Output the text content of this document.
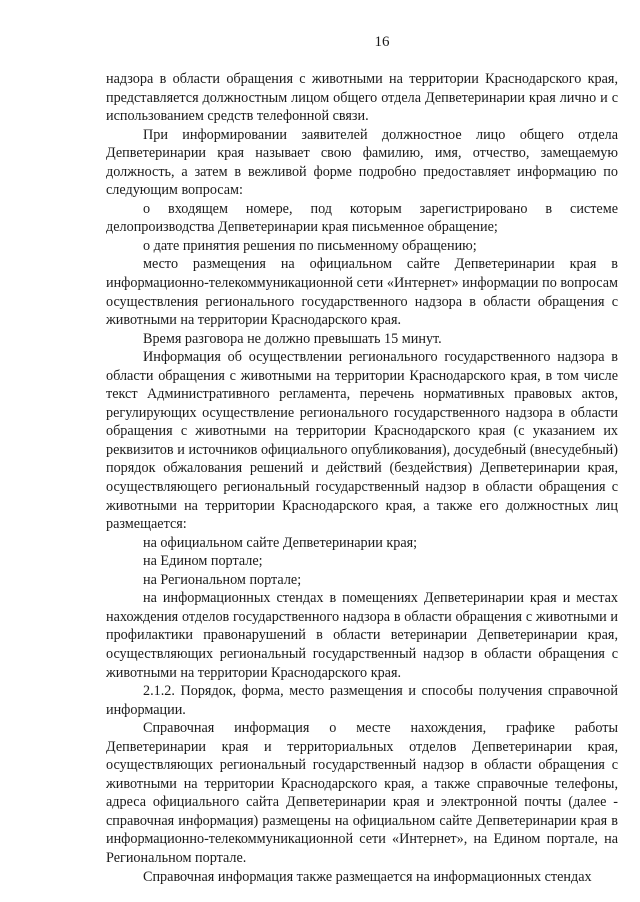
16

надзора в области обращения с животными на территории Краснодарского края, представляется должностным лицом общего отдела Депветеринарии края лично и с использованием средств телефонной связи.

При информировании заявителей должностное лицо общего отдела Депветеринарии края называет свою фамилию, имя, отчество, замещаемую должность, а затем в вежливой форме подробно предоставляет информацию по следующим вопросам:

о входящем номере, под которым зарегистрировано в системе делопроизводства Депветеринарии края письменное обращение;

о дате принятия решения по письменному обращению;

место размещения на официальном сайте Депветеринарии края в информационно-телекоммуникационной сети «Интернет» информации по вопросам осуществления регионального государственного надзора в области обращения с животными на территории Краснодарского края.

Время разговора не должно превышать 15 минут.

Информация об осуществлении регионального государственного надзора в области обращения с животными на территории Краснодарского края, в том числе текст Административного регламента, перечень нормативных правовых актов, регулирующих осуществление регионального государственного надзора в области обращения с животными на территории Краснодарского края (с указанием их реквизитов и источников официального опубликования), досудебный (внесудебный) порядок обжалования решений и действий (бездействия) Депветеринарии края, осуществляющего региональный государственный надзор в области обращения с животными на территории Краснодарского края, а также его должностных лиц размещается:

на официальном сайте Депветеринарии края;

на Едином портале;

на Региональном портале;

на информационных стендах в помещениях Депветеринарии края и местах нахождения отделов государственного надзора в области обращения с животными и профилактики правонарушений в области ветеринарии Депветеринарии края, осуществляющих региональный государственный надзор в области обращения с животными на территории Краснодарского края.

2.1.2. Порядок, форма, место размещения и способы получения справочной информации.

Справочная информация о месте нахождения, графике работы Депветеринарии края и территориальных отделов Депветеринарии края, осуществляющих региональный государственный надзор в области обращения с животными на территории Краснодарского края, а также справочные телефоны, адреса официального сайта Депветеринарии края и электронной почты (далее - справочная информация) размещены на официальном сайте Депветеринарии края в информационно-телекоммуникационной сети «Интернет», на Едином портале, на Региональном портале.

Справочная информация также размещается на информационных стендах
